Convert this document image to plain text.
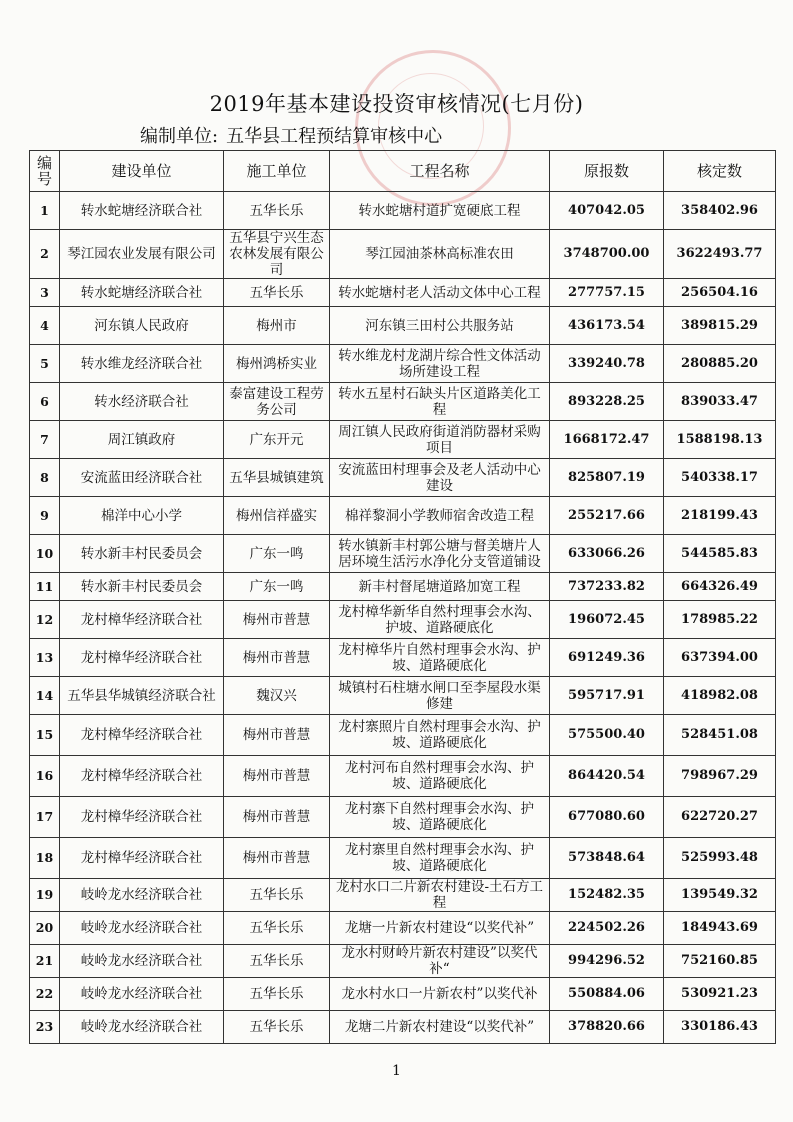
2019年基本建设投资审核情况(七月份)
编制单位: 五华县工程预结算审核中心
编号	建设单位	施工单位	工程名称	原报数	核定数
1	转水蛇塘经济联合社	五华长乐	转水蛇塘村道扩宽硬底工程	407042.05	358402.96
2	琴江园农业发展有限公司	五华县宁兴生态农林发展有限公司	琴江园油茶林高标准农田	3748700.00	3622493.77
3	转水蛇塘经济联合社	五华长乐	转水蛇塘村老人活动文体中心工程	277757.15	256504.16
4	河东镇人民政府	梅州市	河东镇三田村公共服务站	436173.54	389815.29
5	转水维龙经济联合社	梅州鸿桥实业	转水维龙村龙湖片综合性文体活动场所建设工程	339240.78	280885.20
6	转水经济联合社	泰富建设工程劳务公司	转水五星村石缺头片区道路美化工程	893228.25	839033.47
7	周江镇政府	广东开元	周江镇人民政府街道消防器材采购项目	1668172.47	1588198.13
8	安流蓝田经济联合社	五华县城镇建筑	安流蓝田村理事会及老人活动中心建设	825807.19	540338.17
9	棉洋中心小学	梅州信祥盛实	棉祥黎洞小学教师宿舍改造工程	255217.66	218199.43
10	转水新丰村民委员会	广东一鸣	转水镇新丰村郭公塘与督美塘片人居环境生活污水净化分支管道铺设	633066.26	544585.83
11	转水新丰村民委员会	广东一鸣	新丰村督尾塘道路加宽工程	737233.82	664326.49
12	龙村樟华经济联合社	梅州市普慧	龙村樟华新华自然村理事会水沟、护坡、道路硬底化	196072.45	178985.22
13	龙村樟华经济联合社	梅州市普慧	龙村樟华片自然村理事会水沟、护坡、道路硬底化	691249.36	637394.00
14	五华县华城镇经济联合社	魏汉兴	城镇村石柱塘水闸口至李屋段水渠修建	595717.91	418982.08
15	龙村樟华经济联合社	梅州市普慧	龙村寨照片自然村理事会水沟、护坡、道路硬底化	575500.40	528451.08
16	龙村樟华经济联合社	梅州市普慧	龙村河布自然村理事会水沟、护坡、道路硬底化	864420.54	798967.29
17	龙村樟华经济联合社	梅州市普慧	龙村寨下自然村理事会水沟、护坡、道路硬底化	677080.60	622720.27
18	龙村樟华经济联合社	梅州市普慧	龙村寨里自然村理事会水沟、护坡、道路硬底化	573848.64	525993.48
19	岐岭龙水经济联合社	五华长乐	龙村水口二片新农村建设-土石方工程	152482.35	139549.32
20	岐岭龙水经济联合社	五华长乐	龙塘一片新农村建设“以奖代补”	224502.26	184943.69
21	岐岭龙水经济联合社	五华长乐	龙水村财岭片新农村建设”以奖代补“	994296.52	752160.85
22	岐岭龙水经济联合社	五华长乐	龙水村水口一片新农村”以奖代补	550884.06	530921.23
23	岐岭龙水经济联合社	五华长乐	龙塘二片新农村建设“以奖代补”	378820.66	330186.43
1
